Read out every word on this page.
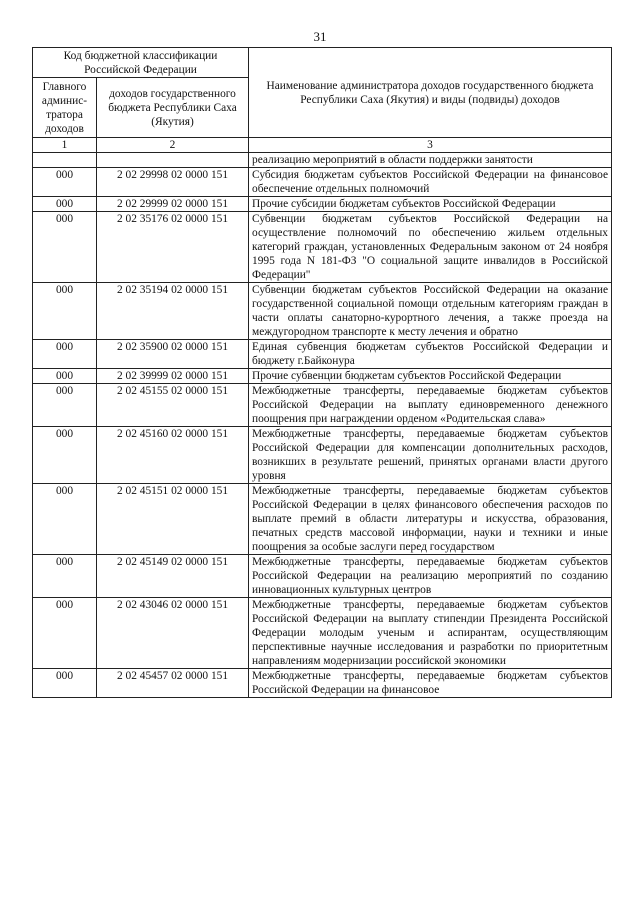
31
Код бюджетной классификации Российской Федерации		Наименование администратора доходов государственного бюджета Республики Саха (Якутия) и виды (подвиды) доходов
Главного админис-тратора доходов	доходов государственного бюджета Республики Саха (Якутия)	
1	2	3
		реализацию мероприятий в области поддержки занятости
000	2 02 29998 02 0000 151	Субсидия бюджетам субъектов Российской Федерации на финансовое обеспечение отдельных полномочий
000	2 02 29999 02 0000 151	Прочие субсидии бюджетам субъектов Российской Федерации
000	2 02 35176 02 0000 151	Субвенции бюджетам субъектов Российской Федерации на осуществление полномочий по обеспечению жильем отдельных категорий граждан, установленных Федеральным законом от 24 ноября 1995 года N 181-ФЗ "О социальной защите инвалидов в Российской Федерации"
000	2 02 35194 02 0000 151	Субвенции бюджетам субъектов Российской Федерации на оказание государственной социальной помощи отдельным категориям граждан в части оплаты санаторно-курортного лечения, а также проезда на междугородном транспорте к месту лечения и обратно
000	2 02 35900 02 0000 151	Единая субвенция бюджетам субъектов Российской Федерации и бюджету г.Байконура
000	2 02 39999 02 0000 151	Прочие субвенции бюджетам субъектов Российской Федерации
000	2 02 45155 02 0000 151	Межбюджетные трансферты, передаваемые бюджетам субъектов Российской Федерации на выплату единовременного денежного поощрения при награждении орденом «Родительская слава»
000	2 02 45160 02 0000 151	Межбюджетные трансферты, передаваемые бюджетам субъектов Российской Федерации для компенсации дополнительных расходов, возникших в результате решений, принятых органами власти другого уровня
000	2 02 45151 02 0000 151	Межбюджетные трансферты, передаваемые бюджетам субъектов Российской Федерации в целях финансового обеспечения расходов по выплате премий в области литературы и искусства, образования, печатных средств массовой информации, науки и техники и иные поощрения за особые заслуги перед государством
000	2 02 45149 02 0000 151	Межбюджетные трансферты, передаваемые бюджетам субъектов Российской Федерации на реализацию мероприятий по созданию инновационных культурных центров
000	2 02 43046 02 0000 151	Межбюджетные трансферты, передаваемые бюджетам субъектов Российской Федерации на выплату стипендии Президента Российской Федерации молодым ученым и аспирантам, осуществляющим перспективные научные исследования и разработки по приоритетным направлениям модернизации российской экономики
000	2 02 45457 02 0000 151	Межбюджетные трансферты, передаваемые бюджетам субъектов Российской Федерации на финансовое
